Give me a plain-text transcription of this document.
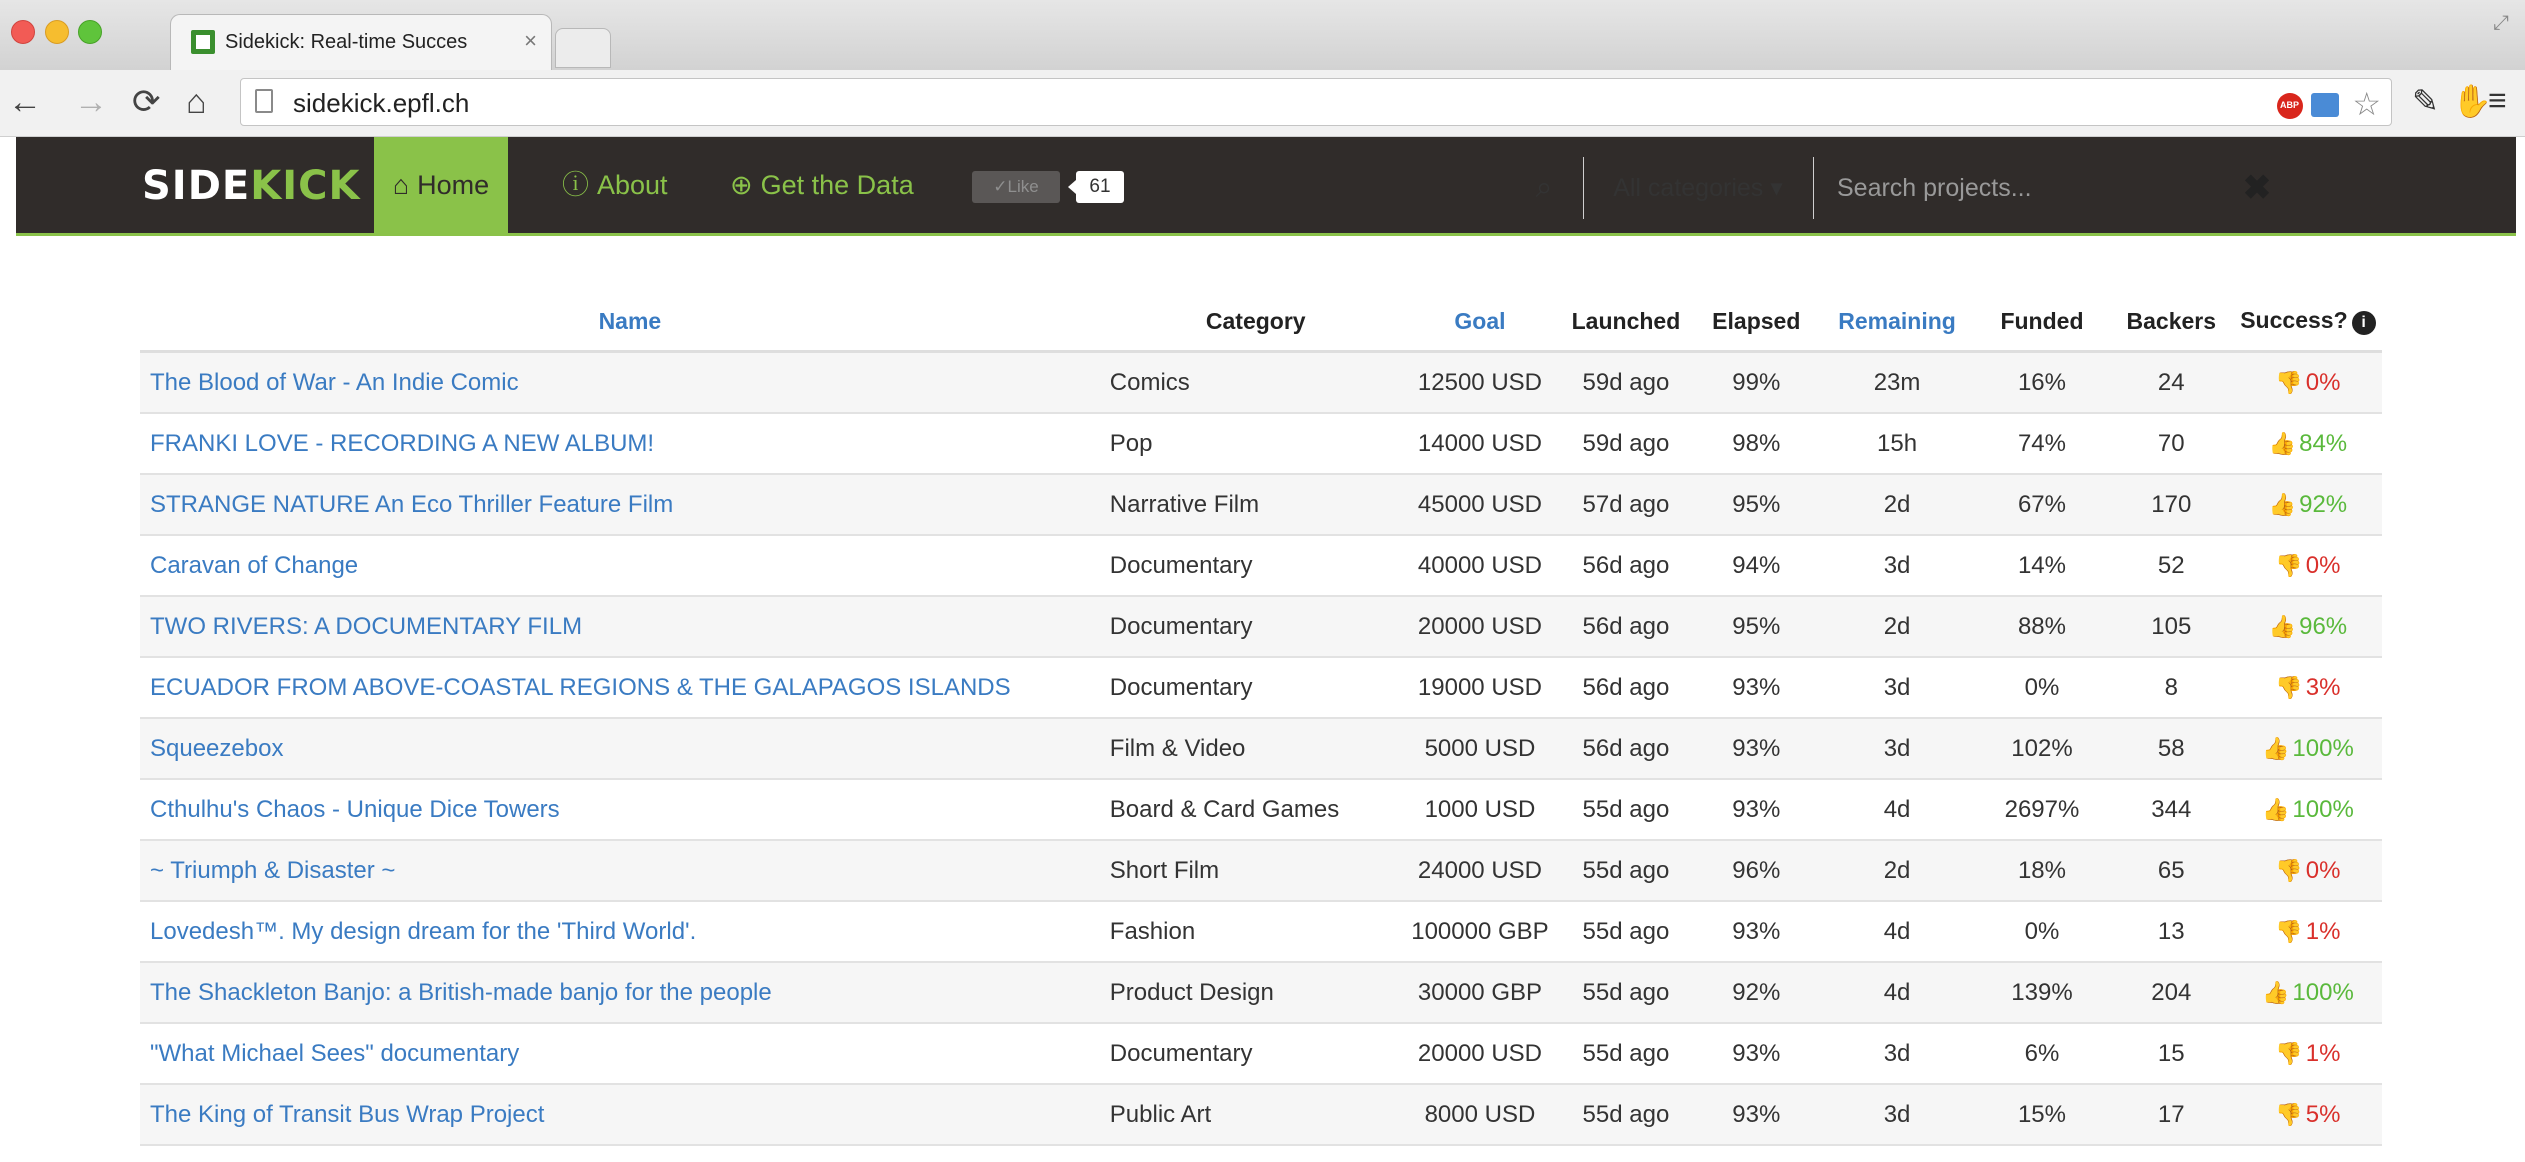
Sidekick: Real-time Succes	×
⤢
← → ⟳ ⌂	sidekick.epfl.ch ABP	☆ ✎ ✋
≡
SIDEKICK	⌂ Home	ⓘ About ⊕ Get the Data	✓Like	61	⌕	All categories ▾
Search projects...	✖
Name	Category	Goal	Launched	Elapsed	Remaining	Funded	Backers	Success? i
The Blood of War - An Indie Comic	Comics	12500 USD	59d ago	99%	23m	16%	24	👎 0%
FRANKI LOVE - RECORDING A NEW ALBUM!	Pop	14000 USD	59d ago	98%	15h	74%	70	👍 84%
STRANGE NATURE An Eco Thriller Feature Film	Narrative Film	45000 USD	57d ago	95%	2d	67%	170	👍 92%
Caravan of Change	Documentary	40000 USD	56d ago	94%	3d	14%	52	👎 0%
TWO RIVERS: A DOCUMENTARY FILM	Documentary	20000 USD	56d ago	95%	2d	88%	105	👍 96%
ECUADOR FROM ABOVE-COASTAL REGIONS & THE GALAPAGOS ISLANDS	Documentary	19000 USD	56d ago	93%	3d	0%	8	👎 3%
Squeezebox	Film & Video	5000 USD	56d ago	93%	3d	102%	58	👍 100%
Cthulhu's Chaos - Unique Dice Towers	Board & Card Games	1000 USD	55d ago	93%	4d	2697%	344	👍 100%
~ Triumph & Disaster ~	Short Film	24000 USD	55d ago	96%	2d	18%	65	👎 0%
Lovedesh™. My design dream for the 'Third World'.	Fashion	100000 GBP	55d ago	93%	4d	0%	13	👎 1%
The Shackleton Banjo: a British-made banjo for the people	Product Design	30000 GBP	55d ago	92%	4d	139%	204	👍 100%
"What Michael Sees" documentary	Documentary	20000 USD	55d ago	93%	3d	6%	15	👎 1%
The King of Transit Bus Wrap Project	Public Art	8000 USD	55d ago	93%	3d	15%	17	👎 5%
